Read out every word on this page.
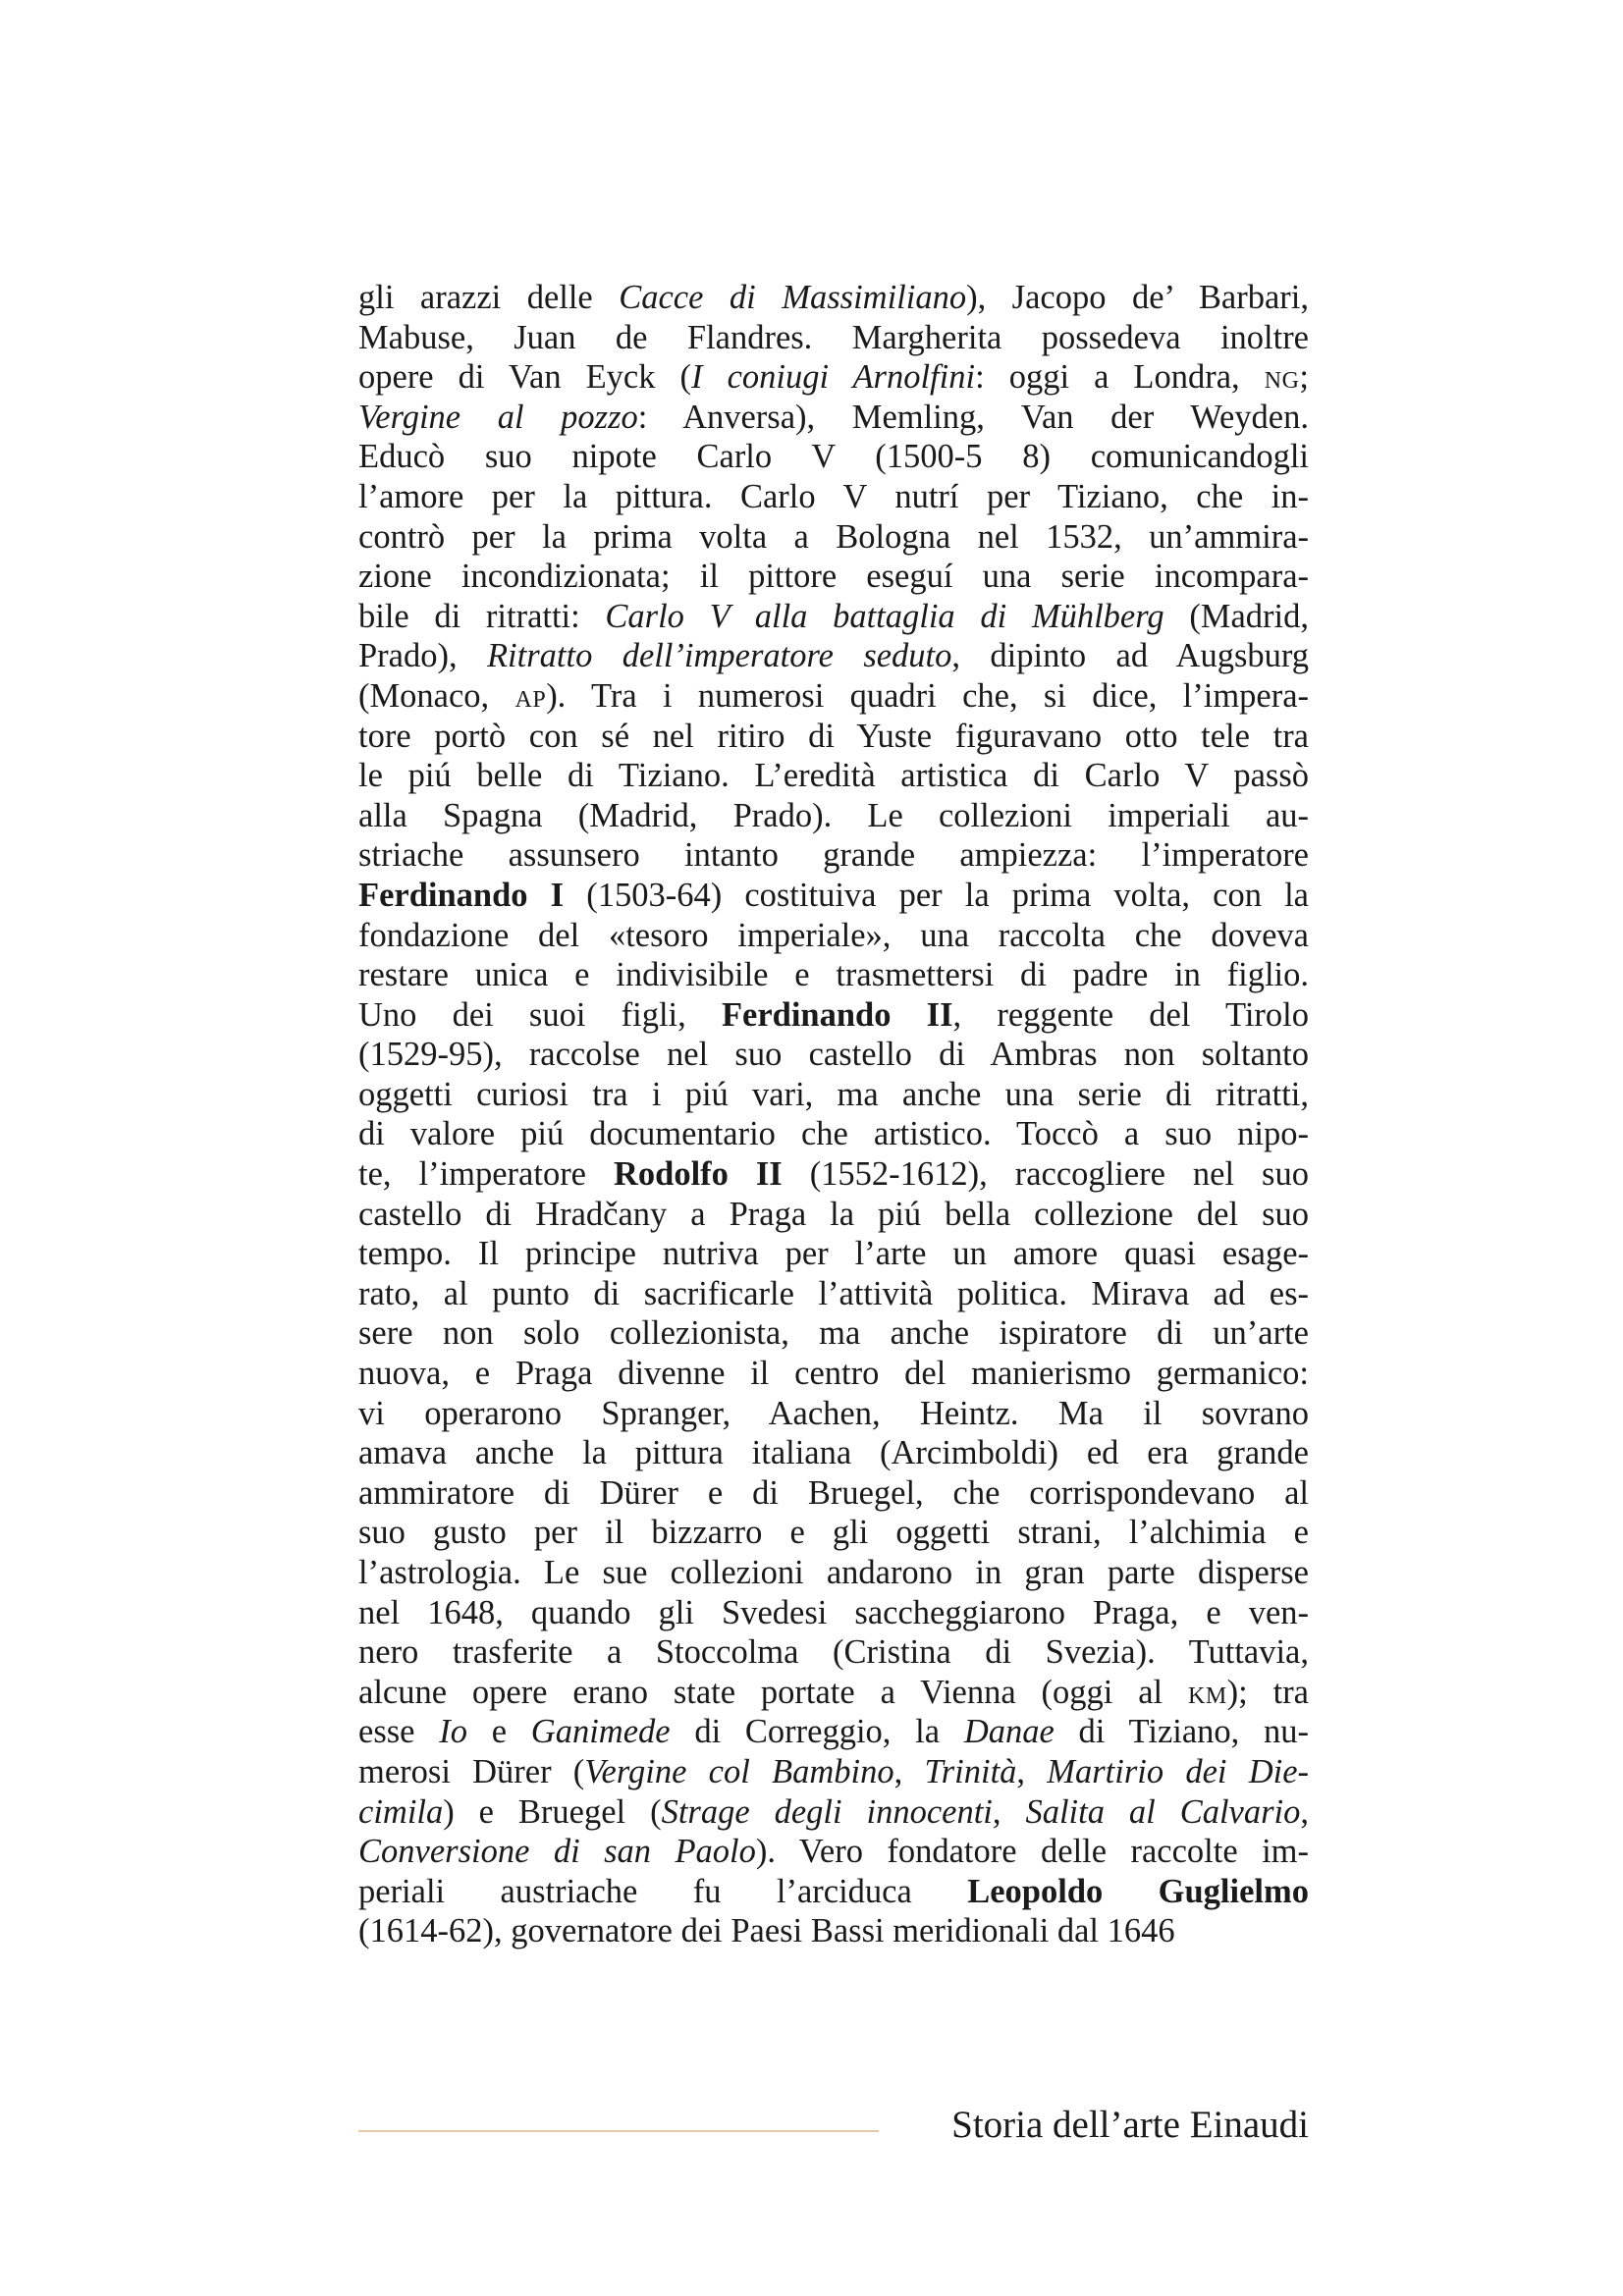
gli arazzi delle Cacce di Massimiliano), Jacopo de’ Barbari,
Mabuse, Juan de Flandres. Margherita possedeva inoltre
opere di Van Eyck (I coniugi Arnolfini: oggi a Londra, ng;
Vergine al pozzo: Anversa), Memling, Van der Weyden.
Educò suo nipote Carlo V (1500-5 8) comunicandogli
l’amore per la pittura. Carlo V nutrí per Tiziano, che in-
contrò per la prima volta a Bologna nel 1532, un’ammira-
zione incondizionata; il pittore eseguí una serie incompara-
bile di ritratti: Carlo V alla battaglia di Mühlberg (Madrid,
Prado), Ritratto dell’imperatore seduto, dipinto ad Augsburg
(Monaco, ap). Tra i numerosi quadri che, si dice, l’impera-
tore portò con sé nel ritiro di Yuste figuravano otto tele tra
le piú belle di Tiziano. L’eredità artistica di Carlo V passò
alla Spagna (Madrid, Prado). Le collezioni imperiali au-
striache assunsero intanto grande ampiezza: l’imperatore
Ferdinando I (1503-64) costituiva per la prima volta, con la
fondazione del «tesoro imperiale», una raccolta che doveva
restare unica e indivisibile e trasmettersi di padre in figlio.
Uno dei suoi figli, Ferdinando II, reggente del Tirolo
(1529-95), raccolse nel suo castello di Ambras non soltanto
oggetti curiosi tra i piú vari, ma anche una serie di ritratti,
di valore piú documentario che artistico. Toccò a suo nipo-
te, l’imperatore Rodolfo II (1552-1612), raccogliere nel suo
castello di Hradčany a Praga la piú bella collezione del suo
tempo. Il principe nutriva per l’arte un amore quasi esage-
rato, al punto di sacrificarle l’attività politica. Mirava ad es-
sere non solo collezionista, ma anche ispiratore di un’arte
nuova, e Praga divenne il centro del manierismo germanico:
vi operarono Spranger, Aachen, Heintz. Ma il sovrano
amava anche la pittura italiana (Arcimboldi) ed era grande
ammiratore di Dürer e di Bruegel, che corrispondevano al
suo gusto per il bizzarro e gli oggetti strani, l’alchimia e
l’astrologia. Le sue collezioni andarono in gran parte disperse
nel 1648, quando gli Svedesi saccheggiarono Praga, e ven-
nero trasferite a Stoccolma (Cristina di Svezia). Tuttavia,
alcune opere erano state portate a Vienna (oggi al km); tra
esse Io e Ganimede di Correggio, la Danae di Tiziano, nu-
merosi Dürer (Vergine col Bambino, Trinità, Martirio dei Die-
cimila) e Bruegel (Strage degli innocenti, Salita al Calvario,
Conversione di san Paolo). Vero fondatore delle raccolte im-
periali austriache fu l’arciduca Leopoldo Guglielmo
(1614-62), governatore dei Paesi Bassi meridionali dal 1646
Storia dell’arte Einaudi
